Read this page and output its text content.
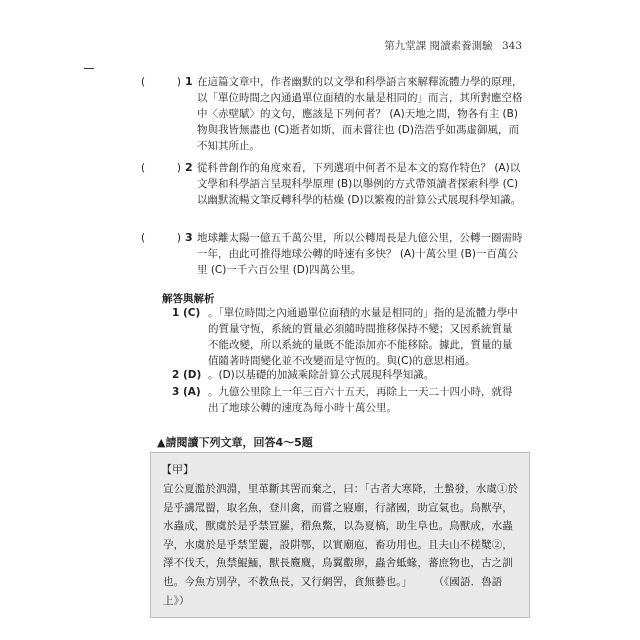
第九堂課 閱讀素養測驗 343
(	) 1 在這篇文章中，作者幽默的以文學和科學語言來解釋流體力學的原理，以「單位時間之內通過單位面積的水量是相同的」而言，其所對應空格中〈赤壁賦〉的文句，應該是下列何者？ (A)天地之間，物各有主 (B)物與我皆無盡也 (C)逝者如斯，而未嘗往也 (D)浩浩乎如馮虛御風，而不知其所止。
(	) 2 從科普創作的角度來看，下列選項中何者不是本文的寫作特色？ (A)以文學和科學語言呈現科學原理 (B)以舉例的方式帶領讀者探索科學 (C)以幽默流暢文筆反轉科學的枯燥 (D)以繁複的計算公式展現科學知識。
(	) 3 地球離太陽一億五千萬公里，所以公轉周長是九億公里，公轉一圈需時一年，由此可推得地球公轉的時速有多快？ (A)十萬公里 (B)一百萬公里 (C)一千六百公里 (D)四萬公里。
解答與解析
1 (C) 。「單位時間之內通過單位面積的水量是相同的」指的是流體力學中的質量守恆，系統的質量必須隨時間推移保持不變；又因系統質量不能改變，所以系統的量既不能添加亦不能移除。據此，質量的量值隨著時間變化並不改變而是守恆的。與(C)的意思相通。
2 (D) 。(D)以基礎的加減乘除計算公式展現科學知識。
3 (A) 。九億公里除上一年三百六十五天，再除上一天二十四小時，就得出了地球公轉的速度為每小時十萬公里。
▲請閱讀下列文章，回答4～5題
【甲】
宣公夏濫於泗淵，里革斷其罟而棄之，曰：「古者大寒降，土蟄發，水虞①於是乎講罛罶，取名魚，登川禽，而嘗之寢廟，行諸國，助宣氣也。鳥獸孕，水蟲成，獸虞於是乎禁罝羅，矠魚鱉，以為夏槁，助生阜也。鳥獸成，水蟲孕，水虞於是乎禁罜䍡，設阱鄂，以實廟庖，畜功用也。且夫山不槎櫱②，澤不伐夭，魚禁鯤鮞，獸長麑麌，鳥翼鷇卵，蟲舍蚳蝝，蕃庶物也，古之訓也。今魚方別孕，不教魚長，又行網罟，貪無藝也。」　　　（《國語．魯語上》）
